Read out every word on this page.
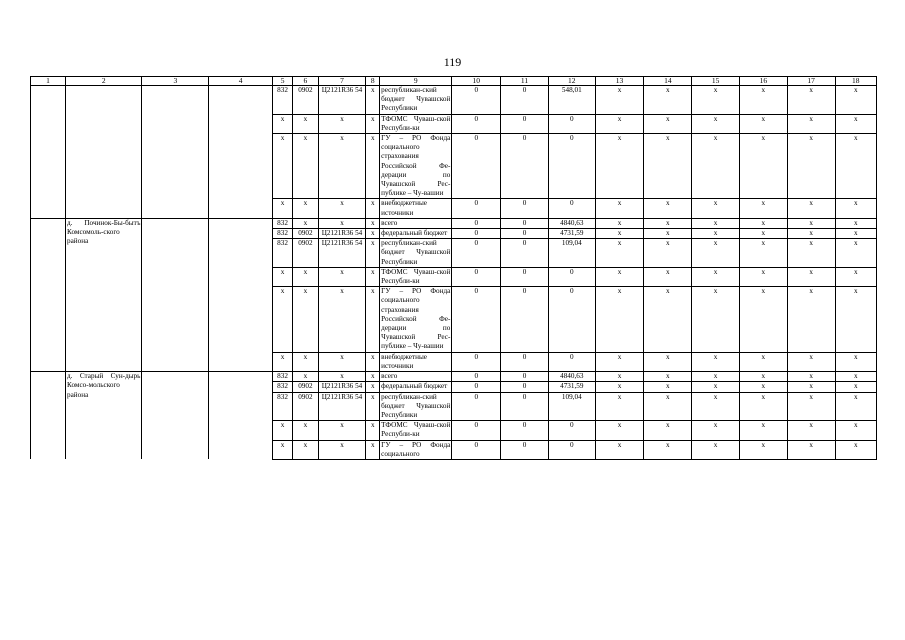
119
1	2	3	4	5	6	7	8	9	10	11	12	13	14	15	16	17	18
				832	0902	Ц2121R36 54	х	республикан-ский бюджет Чувашской Республики	0	0	548,01	х	х	х	х	х	х
				х	х	х	х	ТФОМС Чуваш-ской Республи-ки	0	0	0	х	х	х	х	х	х
				х	х	х	х	ГУ – РО Фонда социального страхования Российской Фе-дерации по Чувашской Рес-публике – Чу-вашии	0	0	0	х	х	х	х	х	х
				х	х	х	х	внебюджетные источники	0	0	0	х	х	х	х	х	х
	д. Починок-Бы-бытъ Комсомоль-ского района			832	х	х	х	всего	0	0	4840,63	х	х	х	х	х	х
				832	0902	Ц2121R36 54	х	федеральный бюджет	0	0	4731,59	х	х	х	х	х	х
				832	0902	Ц2121R36 54	х	республикан-ский бюджет Чувашской Республики	0	0	109,04	х	х	х	х	х	х
				х	х	х	х	ТФОМС Чуваш-ской Республи-ки	0	0	0	х	х	х	х	х	х
				х	х	х	х	ГУ – РО Фонда социального страхования Российской Фе-дерации по Чувашской Рес-публике – Чу-вашии	0	0	0	х	х	х	х	х	х
				х	х	х	х	внебюджетные источники	0	0	0	х	х	х	х	х	х
	д. Старый Сун-дырь Комсо-мольского района			832	х	х	х	всего	0	0	4840,63	х	х	х	х	х	х
				832	0902	Ц2121R36 54	х	федеральный бюджет	0	0	4731,59	х	х	х	х	х	х
				832	0902	Ц2121R36 54	х	республикан-ский бюджет Чувашской Республики	0	0	109,04	х	х	х	х	х	х
				х	х	х	х	ТФОМС Чуваш-ской Республи-ки	0	0	0	х	х	х	х	х	х
				х	х	х	х	ГУ – РО Фонда социального	0	0	0	х	х	х	х	х	х
